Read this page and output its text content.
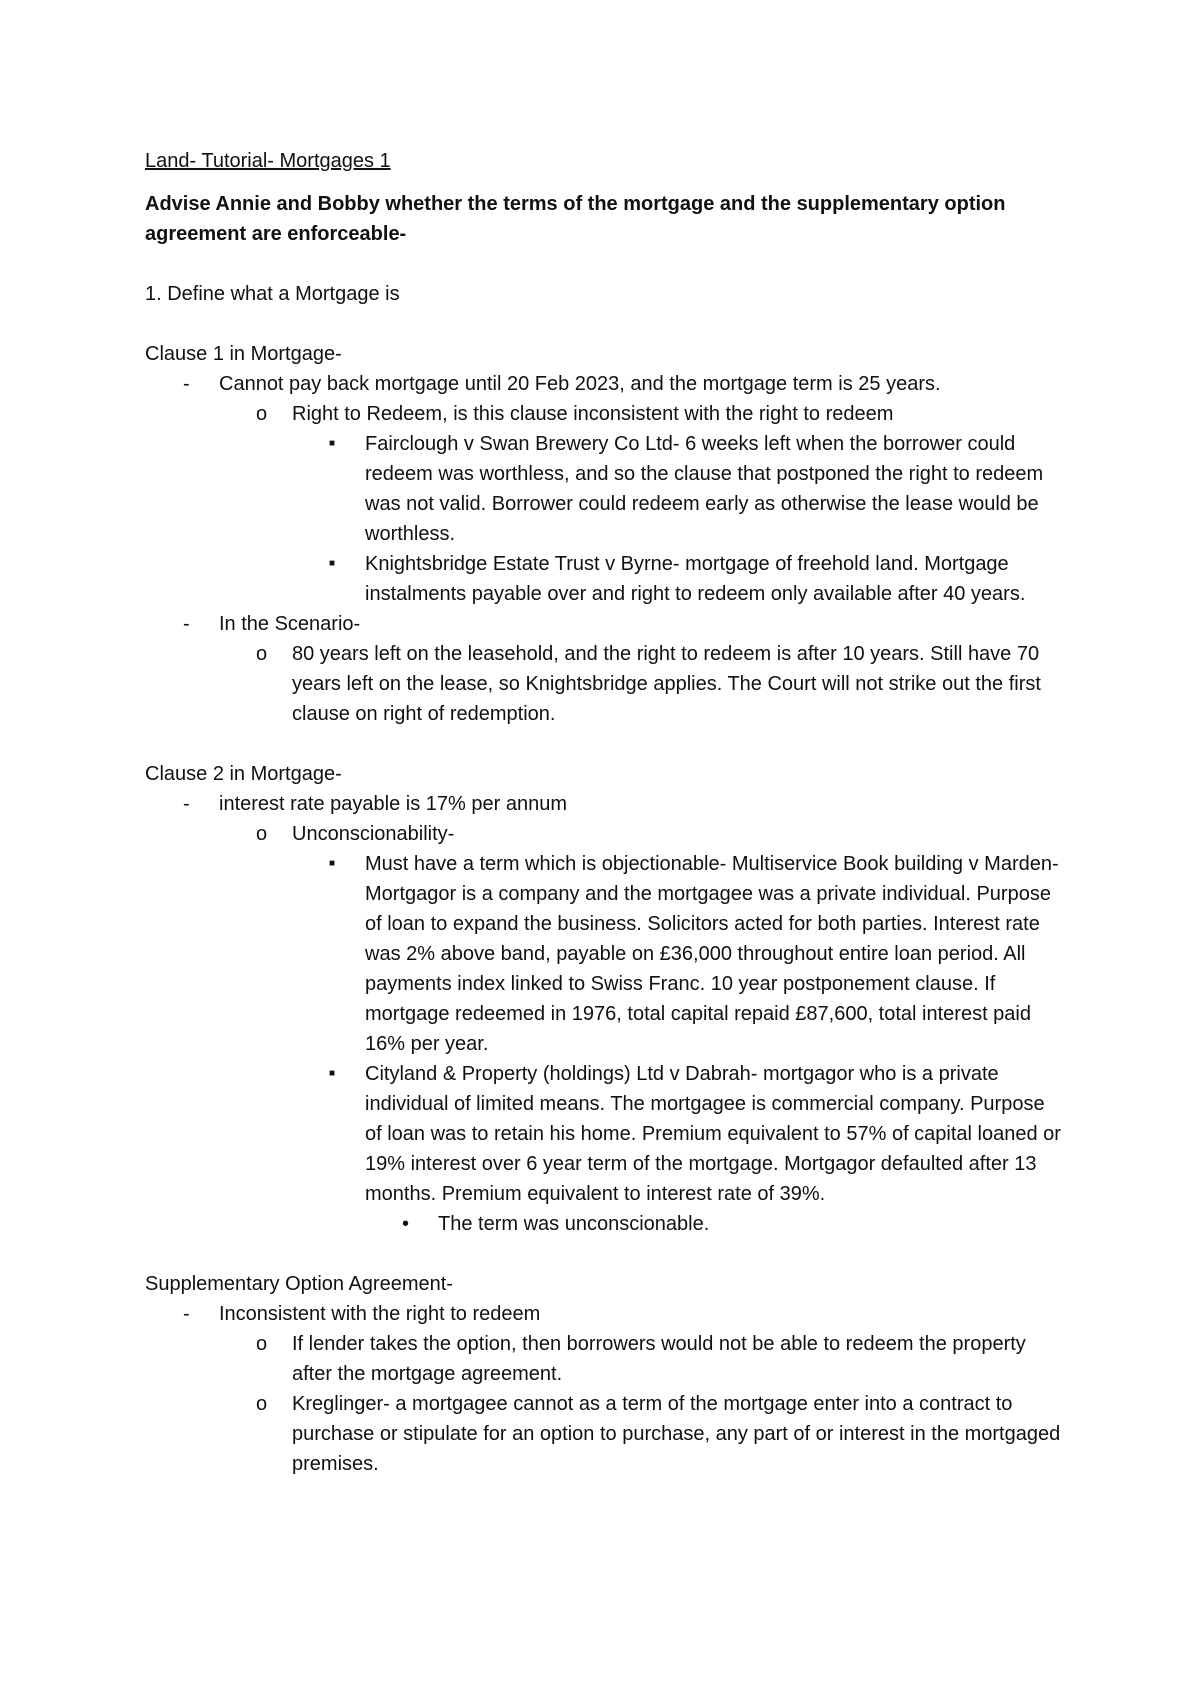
Land- Tutorial- Mortgages 1
Advise Annie and Bobby whether the terms of the mortgage and the supplementary option agreement are enforceable-
1. Define what a Mortgage is
Clause 1 in Mortgage-
- Cannot pay back mortgage until 20 Feb 2023, and the mortgage term is 25 years.
o Right to Redeem, is this clause inconsistent with the right to redeem
■ Fairclough v Swan Brewery Co Ltd- 6 weeks left when the borrower could redeem was worthless, and so the clause that postponed the right to redeem was not valid. Borrower could redeem early as otherwise the lease would be worthless.
■ Knightsbridge Estate Trust v Byrne- mortgage of freehold land. Mortgage instalments payable over and right to redeem only available after 40 years.
- In the Scenario-
o 80 years left on the leasehold, and the right to redeem is after 10 years. Still have 70 years left on the lease, so Knightsbridge applies. The Court will not strike out the first clause on right of redemption.
Clause 2 in Mortgage-
- interest rate payable is 17% per annum
o Unconscionability-
■ Must have a term which is objectionable- Multiservice Book building v Marden- Mortgagor is a company and the mortgagee was a private individual. Purpose of loan to expand the business. Solicitors acted for both parties. Interest rate was 2% above band, payable on £36,000 throughout entire loan period. All payments index linked to Swiss Franc. 10 year postponement clause. If mortgage redeemed in 1976, total capital repaid £87,600, total interest paid 16% per year.
■ Cityland & Property (holdings) Ltd v Dabrah- mortgagor who is a private individual of limited means. The mortgagee is commercial company. Purpose of loan was to retain his home. Premium equivalent to 57% of capital loaned or 19% interest over 6 year term of the mortgage. Mortgagor defaulted after 13 months. Premium equivalent to interest rate of 39%.
• The term was unconscionable.
Supplementary Option Agreement-
- Inconsistent with the right to redeem
o If lender takes the option, then borrowers would not be able to redeem the property after the mortgage agreement.
o Kreglinger- a mortgagee cannot as a term of the mortgage enter into a contract to purchase or stipulate for an option to purchase, any part of or interest in the mortgaged premises.
